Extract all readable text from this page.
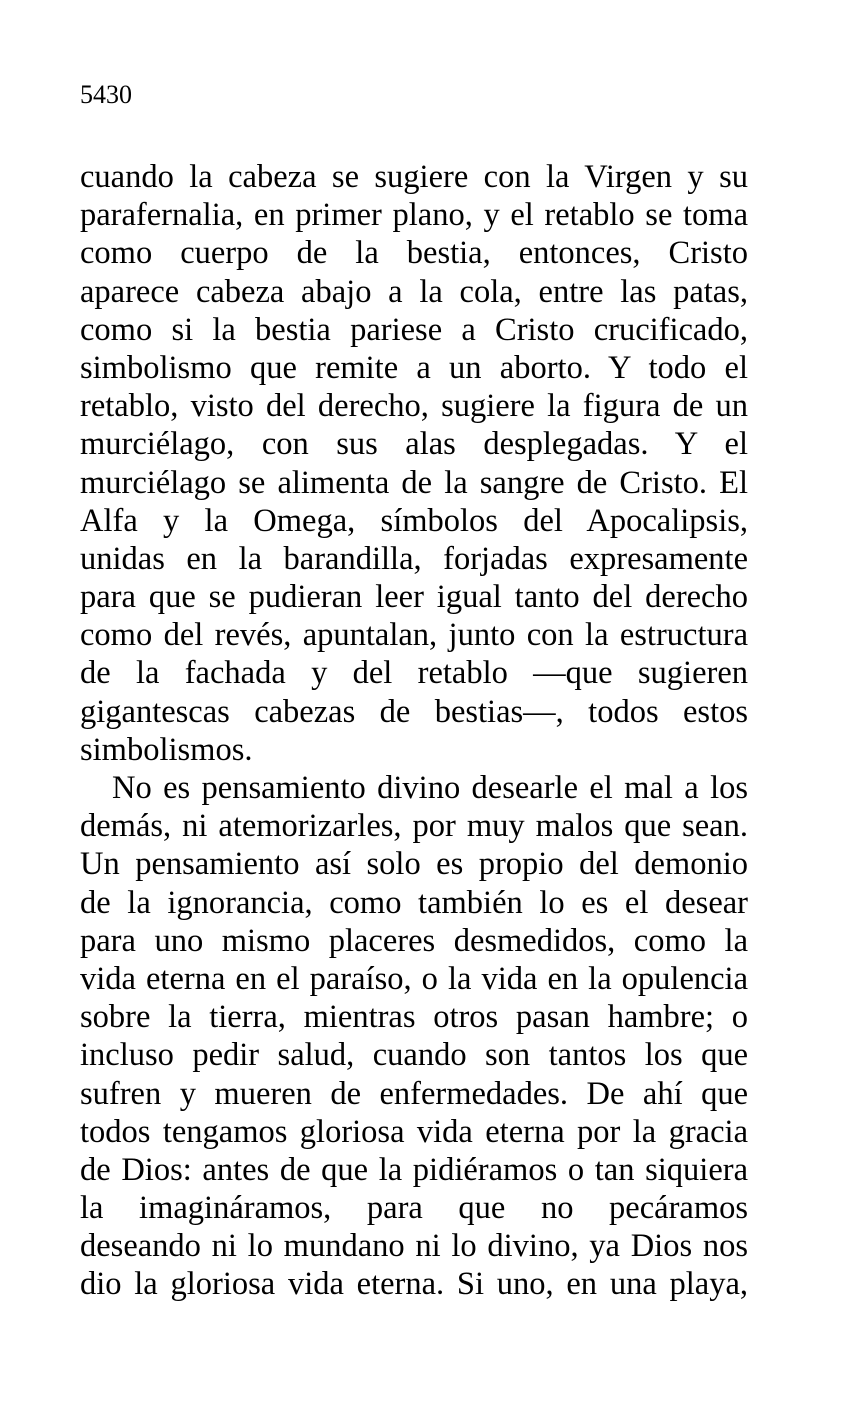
5430
cuando la cabeza se sugiere con la Virgen y su
parafernalia, en primer plano, y el retablo se toma
como cuerpo de la bestia, entonces, Cristo
aparece cabeza abajo a la cola, entre las patas,
como si la bestia pariese a Cristo crucificado,
simbolismo que remite a un aborto. Y todo el
retablo, visto del derecho, sugiere la figura de un
murciélago, con sus alas desplegadas. Y el
murciélago se alimenta de la sangre de Cristo. El
Alfa y la Omega, símbolos del Apocalipsis,
unidas en la barandilla, forjadas expresamente
para que se pudieran leer igual tanto del derecho
como del revés, apuntalan, junto con la estructura
de la fachada y del retablo —que sugieren
gigantescas cabezas de bestias—, todos estos
simbolismos.
No es pensamiento divino desearle el mal a los
demás, ni atemorizarles, por muy malos que sean.
Un pensamiento así solo es propio del demonio
de la ignorancia, como también lo es el desear
para uno mismo placeres desmedidos, como la
vida eterna en el paraíso, o la vida en la opulencia
sobre la tierra, mientras otros pasan hambre; o
incluso pedir salud, cuando son tantos los que
sufren y mueren de enfermedades. De ahí que
todos tengamos gloriosa vida eterna por la gracia
de Dios: antes de que la pidiéramos o tan siquiera
la imagináramos, para que no pecáramos
deseando ni lo mundano ni lo divino, ya Dios nos
dio la gloriosa vida eterna. Si uno, en una playa,
